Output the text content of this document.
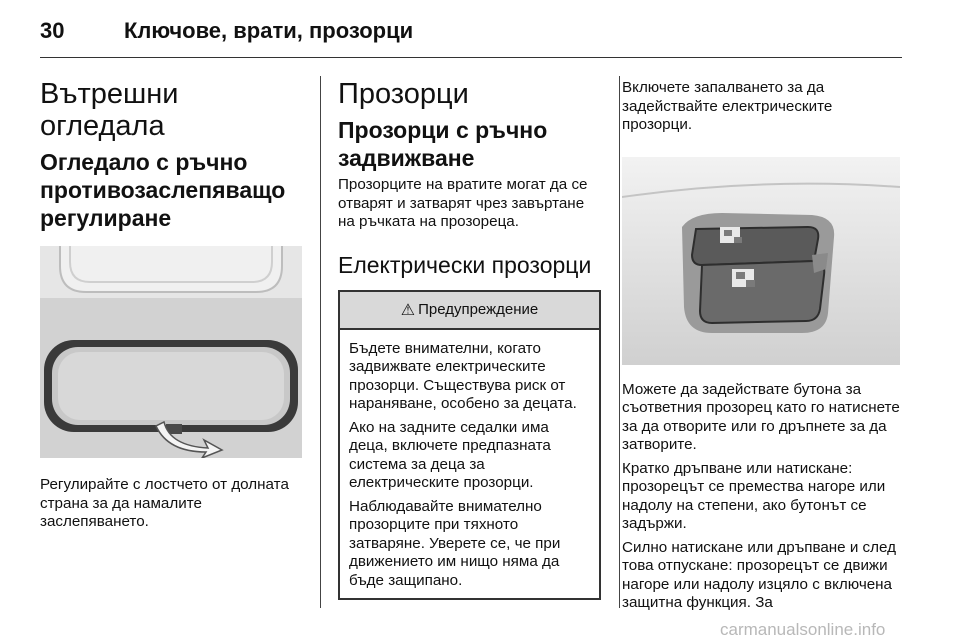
30	Ключове, врати, прозорци
Вътрешни огледала
Огледало с ръчно противозаслепяващо регулиране

Регулирайте с лостчето от долната страна за да намалите заслепяването.

Прозорци
Прозорци с ръчно задвижване

Прозорците на вратите могат да се отварят и затварят чрез завъртане на ръчката на прозореца.

Електрически прозорци
⚠ Предупреждение

Бъдете внимателни, когато задвижвате електрическите прозорци. Съществува риск от нараняване, особено за децата.

Ако на задните седалки има деца, включете предпазната система за деца за електрическите прозорци.

Наблюдавайте внимателно прозорците при тяхното затваряне. Уверете се, че при движението им нищо няма да бъде защипано.

Включете запалването за да задействайте електрическите прозорци.

Можете да задействате бутона за съответния прозорец като го натиснете за да отворите или го дръпнете за да затворите.

Кратко дръпване или натискане: прозорецът се премества нагоре или надолу на степени, ако бутонът се задържи.

Силно натискане или дръпване и след това отпускане: прозорецът се движи нагоре или надолу изцяло с включена защитна функция. За

carmanualsonline.info
